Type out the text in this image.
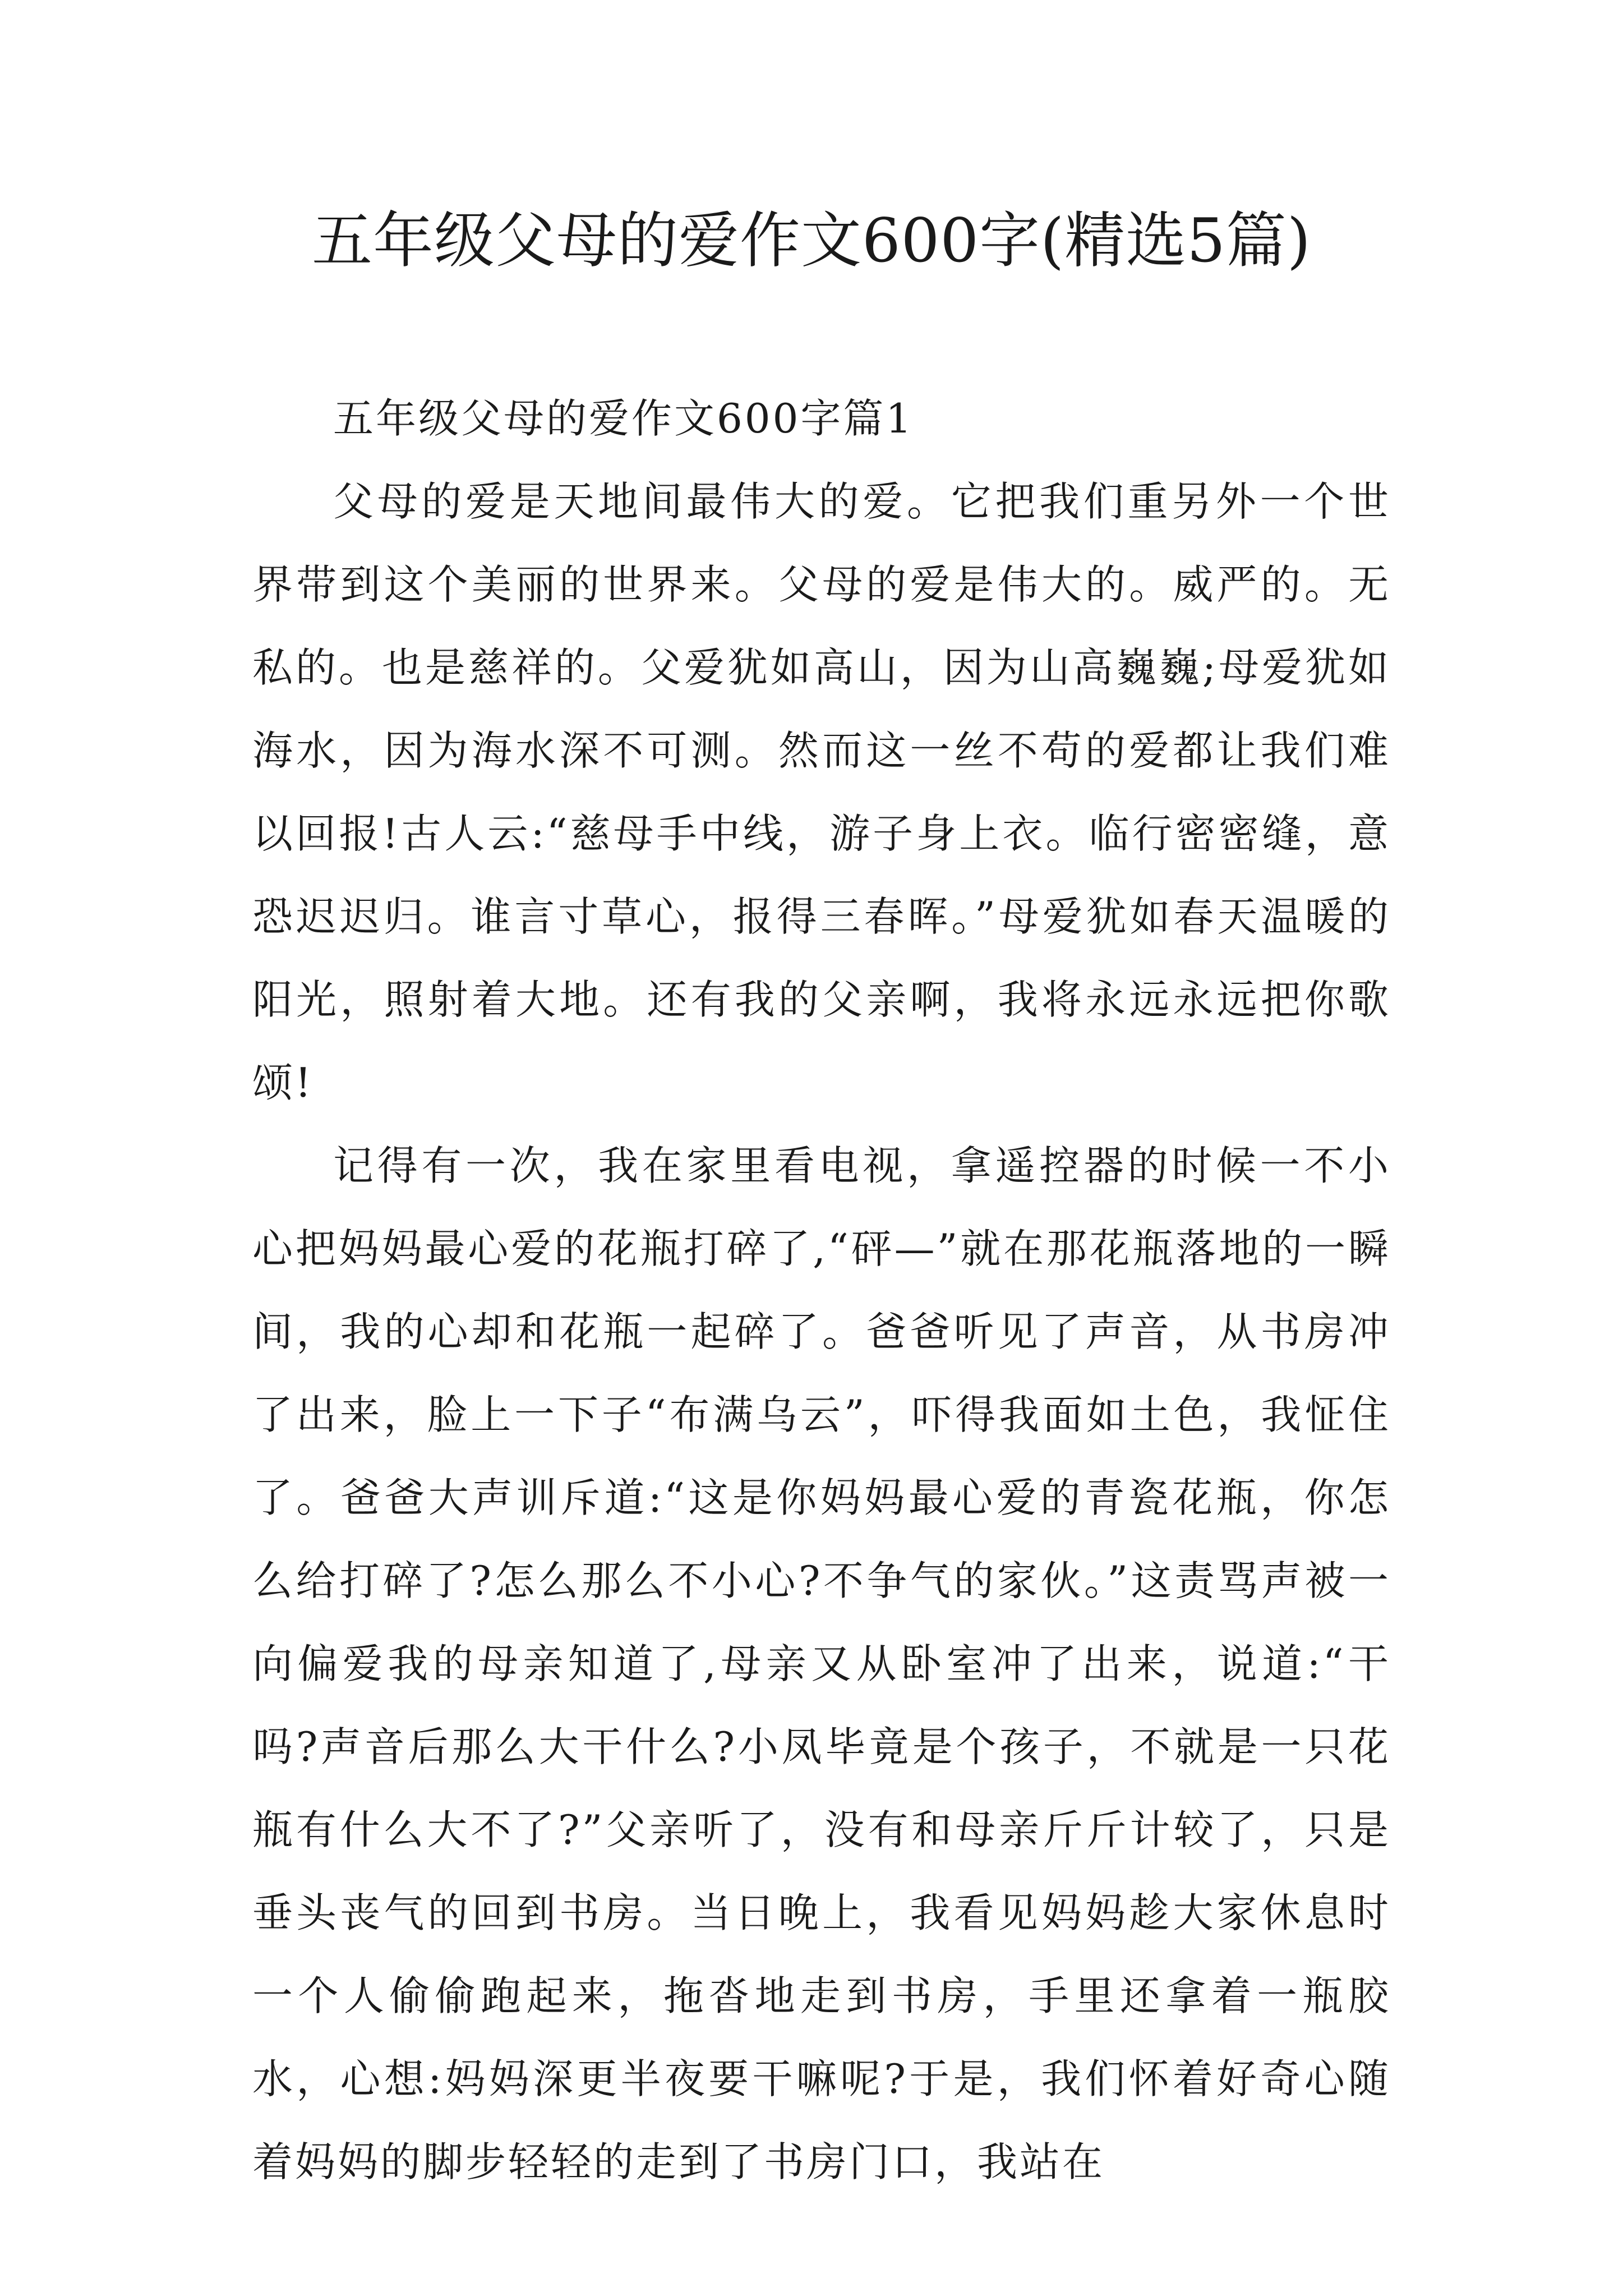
五年级父母的爱作文600字(精选5篇)

五年级父母的爱作文600字篇1

父母的爱是天地间最伟大的爱。它把我们重另外一个世界带到这个美丽的世界来。父母的爱是伟大的。威严的。无私的。也是慈祥的。父爱犹如高山，因为山高巍巍;母爱犹如海水，因为海水深不可测。然而这一丝不苟的爱都让我们难以回报!古人云:“慈母手中线，游子身上衣。临行密密缝，意恐迟迟归。谁言寸草心，报得三春晖。”母爱犹如春天温暖的阳光，照射着大地。还有我的父亲啊，我将永远永远把你歌颂!

记得有一次，我在家里看电视，拿遥控器的时候一不小心把妈妈最心爱的花瓶打碎了,“砰—”就在那花瓶落地的一瞬间，我的心却和花瓶一起碎了。爸爸听见了声音，从书房冲了出来，脸上一下子“布满乌云”，吓得我面如土色，我怔住了。爸爸大声训斥道:“这是你妈妈最心爱的青瓷花瓶，你怎么给打碎了?怎么那么不小心?不争气的家伙。”这责骂声被一向偏爱我的母亲知道了,母亲又从卧室冲了出来，说道:“干吗?声音后那么大干什么?小凤毕竟是个孩子，不就是一只花瓶有什么大不了?”父亲听了，没有和母亲斤斤计较了，只是垂头丧气的回到书房。当日晚上，我看见妈妈趁大家休息时一个人偷偷跑起来，拖沓地走到书房，手里还拿着一瓶胶水，心想:妈妈深更半夜要干嘛呢?于是，我们怀着好奇心随着妈妈的脚步轻轻的走到了书房门口，我站在
